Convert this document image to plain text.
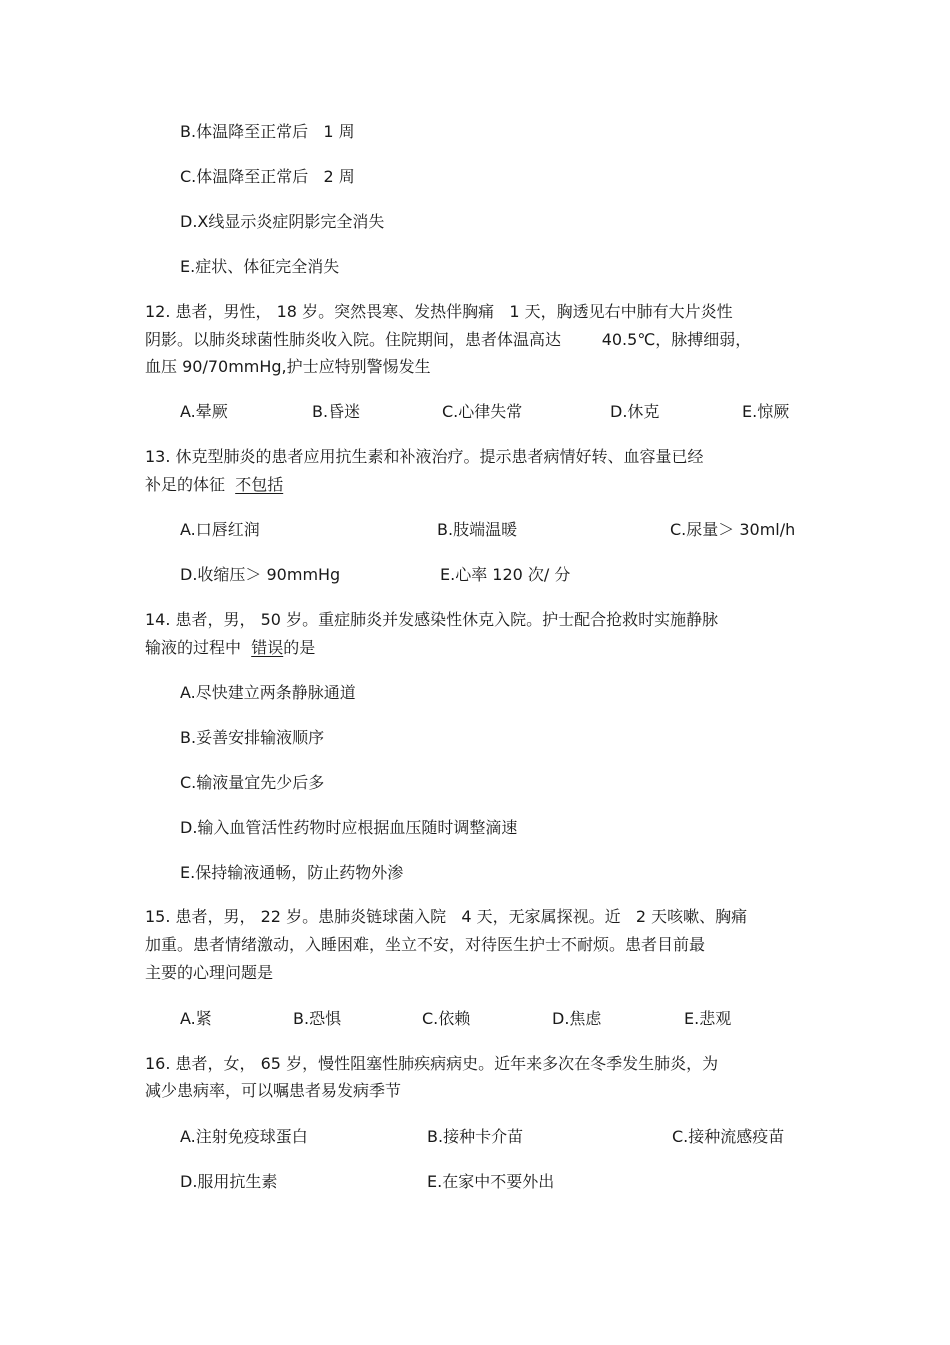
B.体温降至正常后   1 周
C.体温降至正常后   2 周
D.X线显示炎症阴影完全消失
E.症状、体征完全消失
12. 患者，男性， 18 岁。突然畏寒、发热伴胸痛   1 天，胸透见右中肺有大片炎性
阴影。以肺炎球菌性肺炎收入院。住院期间，患者体温高达        40.5℃，脉搏细弱，
血压 90/70mmHg,护士应特别警惕发生
A.晕厥	B.昏迷	C.心律失常	D.休克	E.惊厥
13. 休克型肺炎的患者应用抗生素和补液治疗。提示患者病情好转、血容量已经
补足的体征  不包括
A.口唇红润	B.肢端温暖	C.尿量＞ 30ml/h
D.收缩压＞ 90mmHg	E.心率 120 次/ 分
14. 患者，男， 50 岁。重症肺炎并发感染性休克入院。护士配合抢救时实施静脉
输液的过程中  错误的是
A.尽快建立两条静脉通道
B.妥善安排输液顺序
C.输液量宜先少后多
D.输入血管活性药物时应根据血压随时调整滴速
E.保持输液通畅，防止药物外渗
15. 患者，男， 22 岁。患肺炎链球菌入院   4 天，无家属探视。近   2 天咳嗽、胸痛
加重。患者情绪激动，入睡困难，坐立不安，对待医生护士不耐烦。患者目前最
主要的心理问题是
A.紧	B.恐惧	C.依赖	D.焦虑	E.悲观
16. 患者，女， 65 岁，慢性阻塞性肺疾病病史。近年来多次在冬季发生肺炎，为
减少患病率，可以嘱患者易发病季节
A.注射免疫球蛋白	B.接种卡介苗	C.接种流感疫苗
D.服用抗生素	E.在家中不要外出
